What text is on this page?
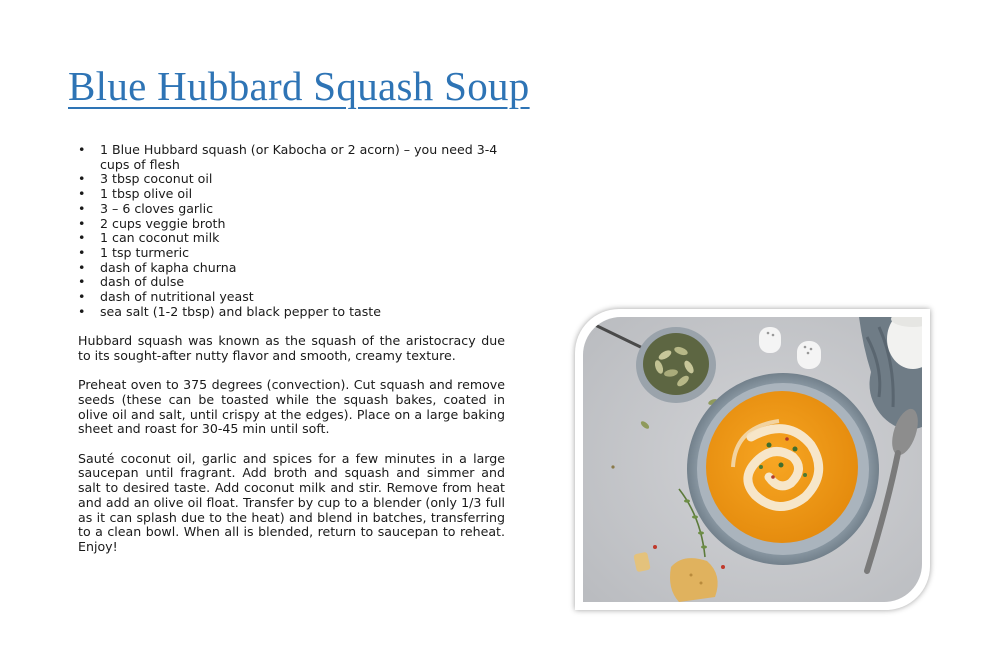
Blue Hubbard Squash Soup
• 1 Blue Hubbard squash (or Kabocha or 2 acorn) – you need 3-4 cups of flesh
• 3 tbsp coconut oil
• 1 tbsp olive oil
• 3 – 6 cloves garlic
• 2 cups veggie broth
• 1 can coconut milk
• 1 tsp turmeric
• dash of kapha churna
• dash of dulse
• dash of nutritional yeast
• sea salt (1-2 tbsp) and black pepper to taste

Hubbard squash was known as the squash of the aristocracy due to its sought-after nutty flavor and smooth, creamy texture.

Preheat oven to 375 degrees (convection). Cut squash and remove seeds (these can be toasted while the squash bakes, coated in olive oil and salt, until crispy at the edges). Place on a large baking sheet and roast for 30-45 min until soft.

Sauté coconut oil, garlic and spices for a few minutes in a large saucepan until fragrant. Add broth and squash and simmer and salt to desired taste. Add coconut milk and stir. Remove from heat and add an olive oil float. Transfer by cup to a blender (only 1/3 full as it can splash due to the heat) and blend in batches, transferring to a clean bowl. When all is blended, return to saucepan to reheat. Enjoy!
